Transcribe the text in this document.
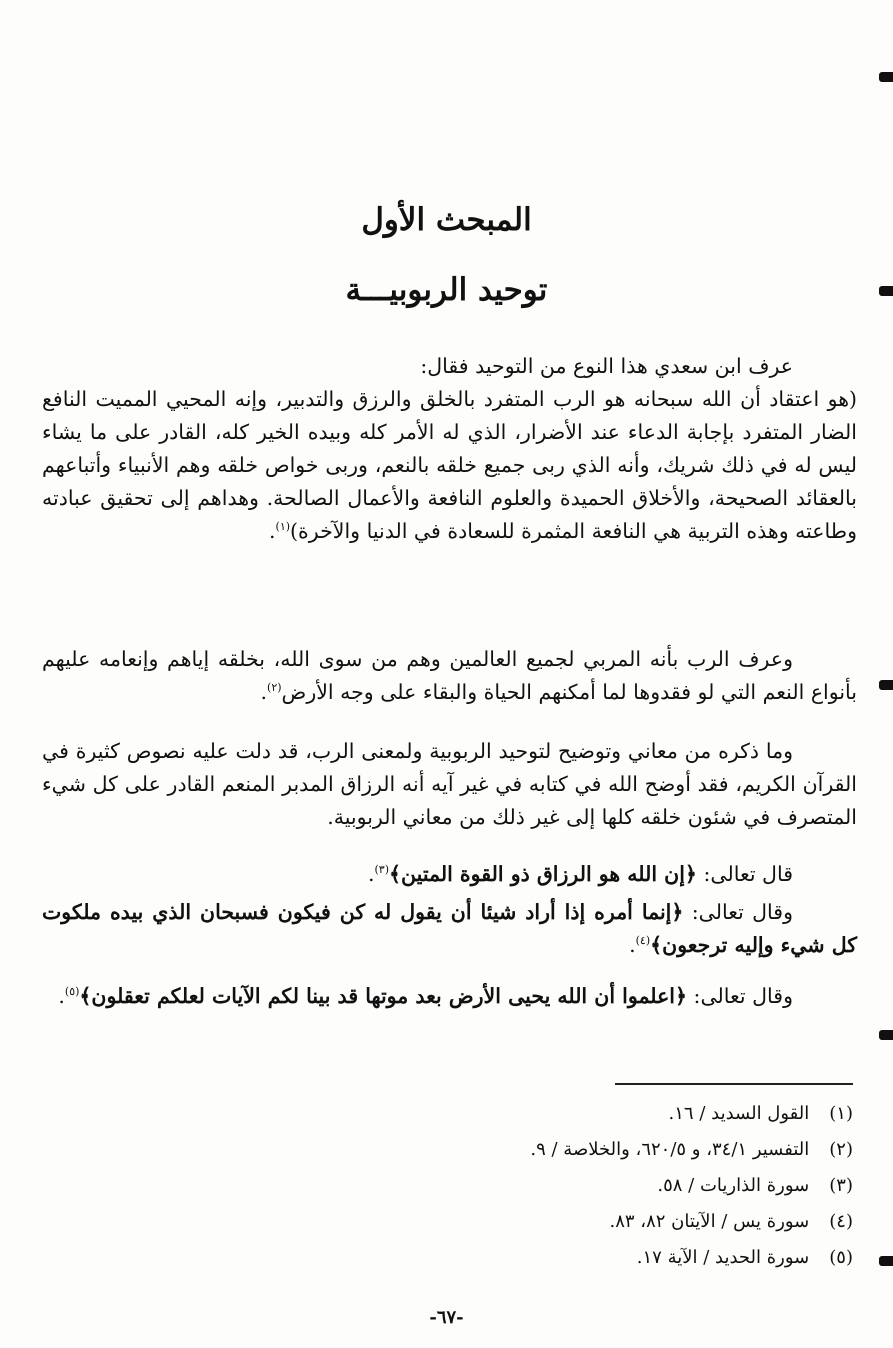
المبحث الأول
توحيد الربوبيـــة

عرف ابن سعدي هذا النوع من التوحيد فقال:

(هو اعتقاد أن الله سبحانه هو الرب المتفرد بالخلق والرزق والتدبير، وإنه المحيي المميت النافع الضار المتفرد بإجابة الدعاء عند الأضرار، الذي له الأمر كله وبيده الخير كله، القادر على ما يشاء ليس له في ذلك شريك، وأنه الذي ربى جميع خلقه بالنعم، وربى خواص خلقه وهم الأنبياء وأتباعهم بالعقائد الصحيحة، والأخلاق الحميدة والعلوم النافعة والأعمال الصالحة. وهداهم إلى تحقيق عبادته وطاعته وهذه التربية هي النافعة المثمرة للسعادة في الدنيا والآخرة)$^{(١)}$.

وعرف الرب بأنه المربي لجميع العالمين وهم من سوى الله، بخلقه إياهم وإنعامه عليهم بأنواع النعم التي لو فقدوها لما أمكنهم الحياة والبقاء على وجه الأرض$^{(٢)}$.

وما ذكره من معاني وتوضيح لتوحيد الربوبية ولمعنى الرب، قد دلت عليه نصوص كثيرة في القرآن الكريم، فقد أوضح الله في كتابه في غير آيه أنه الرزاق المدبر المنعم القادر على كل شيء المتصرف في شئون خلقه كلها إلى غير ذلك من معاني الربوبية.

قال تعالى: ﴿إن الله هو الرزاق ذو القوة المتين﴾$^{(٣)}$.

وقال تعالى: ﴿إنما أمره إذا أراد شيئا أن يقول له كن فيكون فسبحان الذي بيده ملكوت كل شيء وإليه ترجعون﴾$^{(٤)}$.

وقال تعالى: ﴿اعلموا أن الله يحيى الأرض بعد موتها قد بينا لكم الآيات لعلكم تعقلون﴾$^{(٥)}$.

(١) القول السديد / ١٦.
(٢) التفسير ٣٤/١، و ٦٢٠/٥، والخلاصة / ٩.
(٣) سورة الذاريات / ٥٨.
(٤) سورة يس / الآيتان ٨٢، ٨٣.
(٥) سورة الحديد / الآية ١٧.
-٦٧-
